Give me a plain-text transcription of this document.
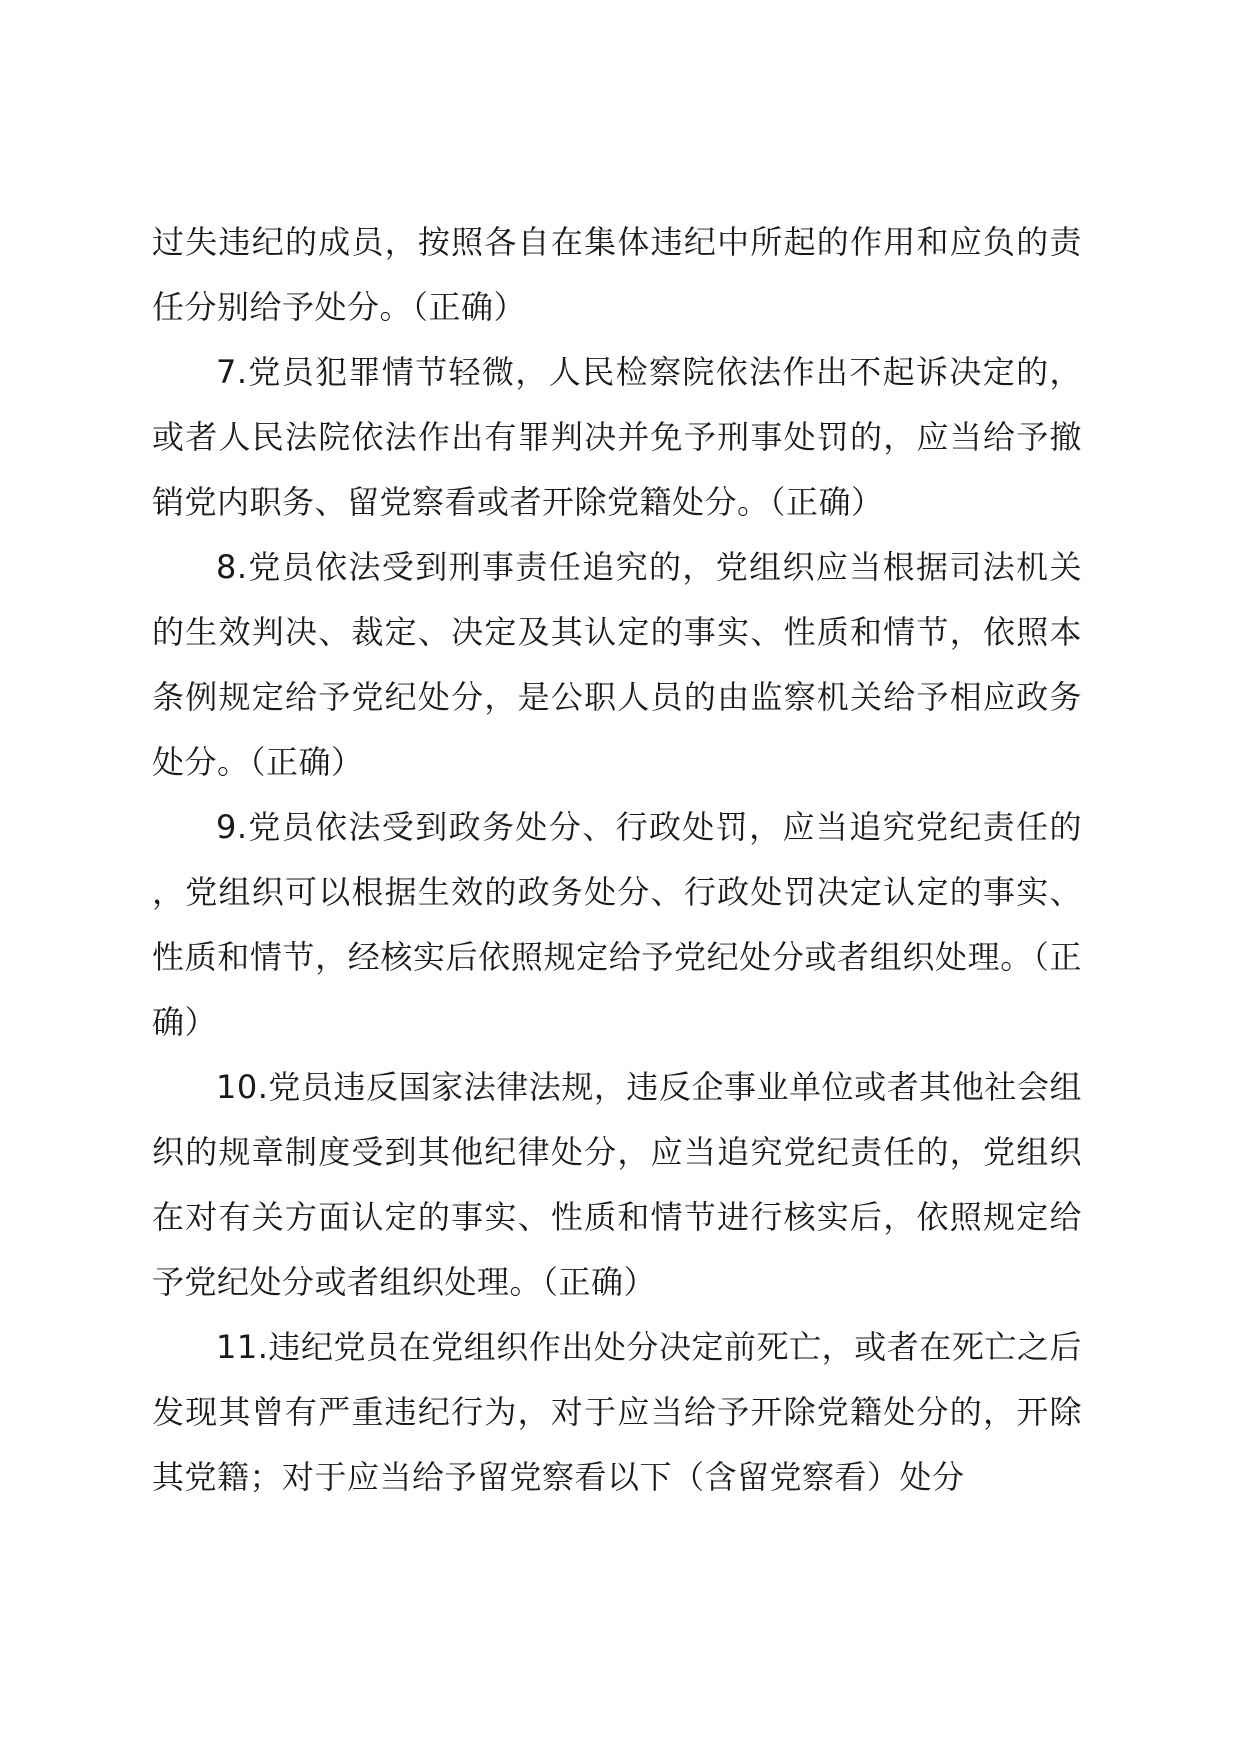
过失违纪的成员，按照各自在集体违纪中所起的作用和应负的责任分别给予处分。（正确）

7.党员犯罪情节轻微，人民检察院依法作出不起诉决定的，或者人民法院依法作出有罪判决并免予刑事处罚的，应当给予撤销党内职务、留党察看或者开除党籍处分。（正确）

8.党员依法受到刑事责任追究的，党组织应当根据司法机关的生效判决、裁定、决定及其认定的事实、性质和情节，依照本条例规定给予党纪处分，是公职人员的由监察机关给予相应政务处分。（正确）

9.党员依法受到政务处分、行政处罚，应当追究党纪责任的，党组织可以根据生效的政务处分、行政处罚决定认定的事实、性质和情节，经核实后依照规定给予党纪处分或者组织处理。（正确）

10.党员违反国家法律法规，违反企事业单位或者其他社会组织的规章制度受到其他纪律处分，应当追究党纪责任的，党组织在对有关方面认定的事实、性质和情节进行核实后，依照规定给予党纪处分或者组织处理。（正确）

11.违纪党员在党组织作出处分决定前死亡，或者在死亡之后发现其曾有严重违纪行为，对于应当给予开除党籍处分的，开除其党籍；对于应当给予留党察看以下（含留党察看）处分
